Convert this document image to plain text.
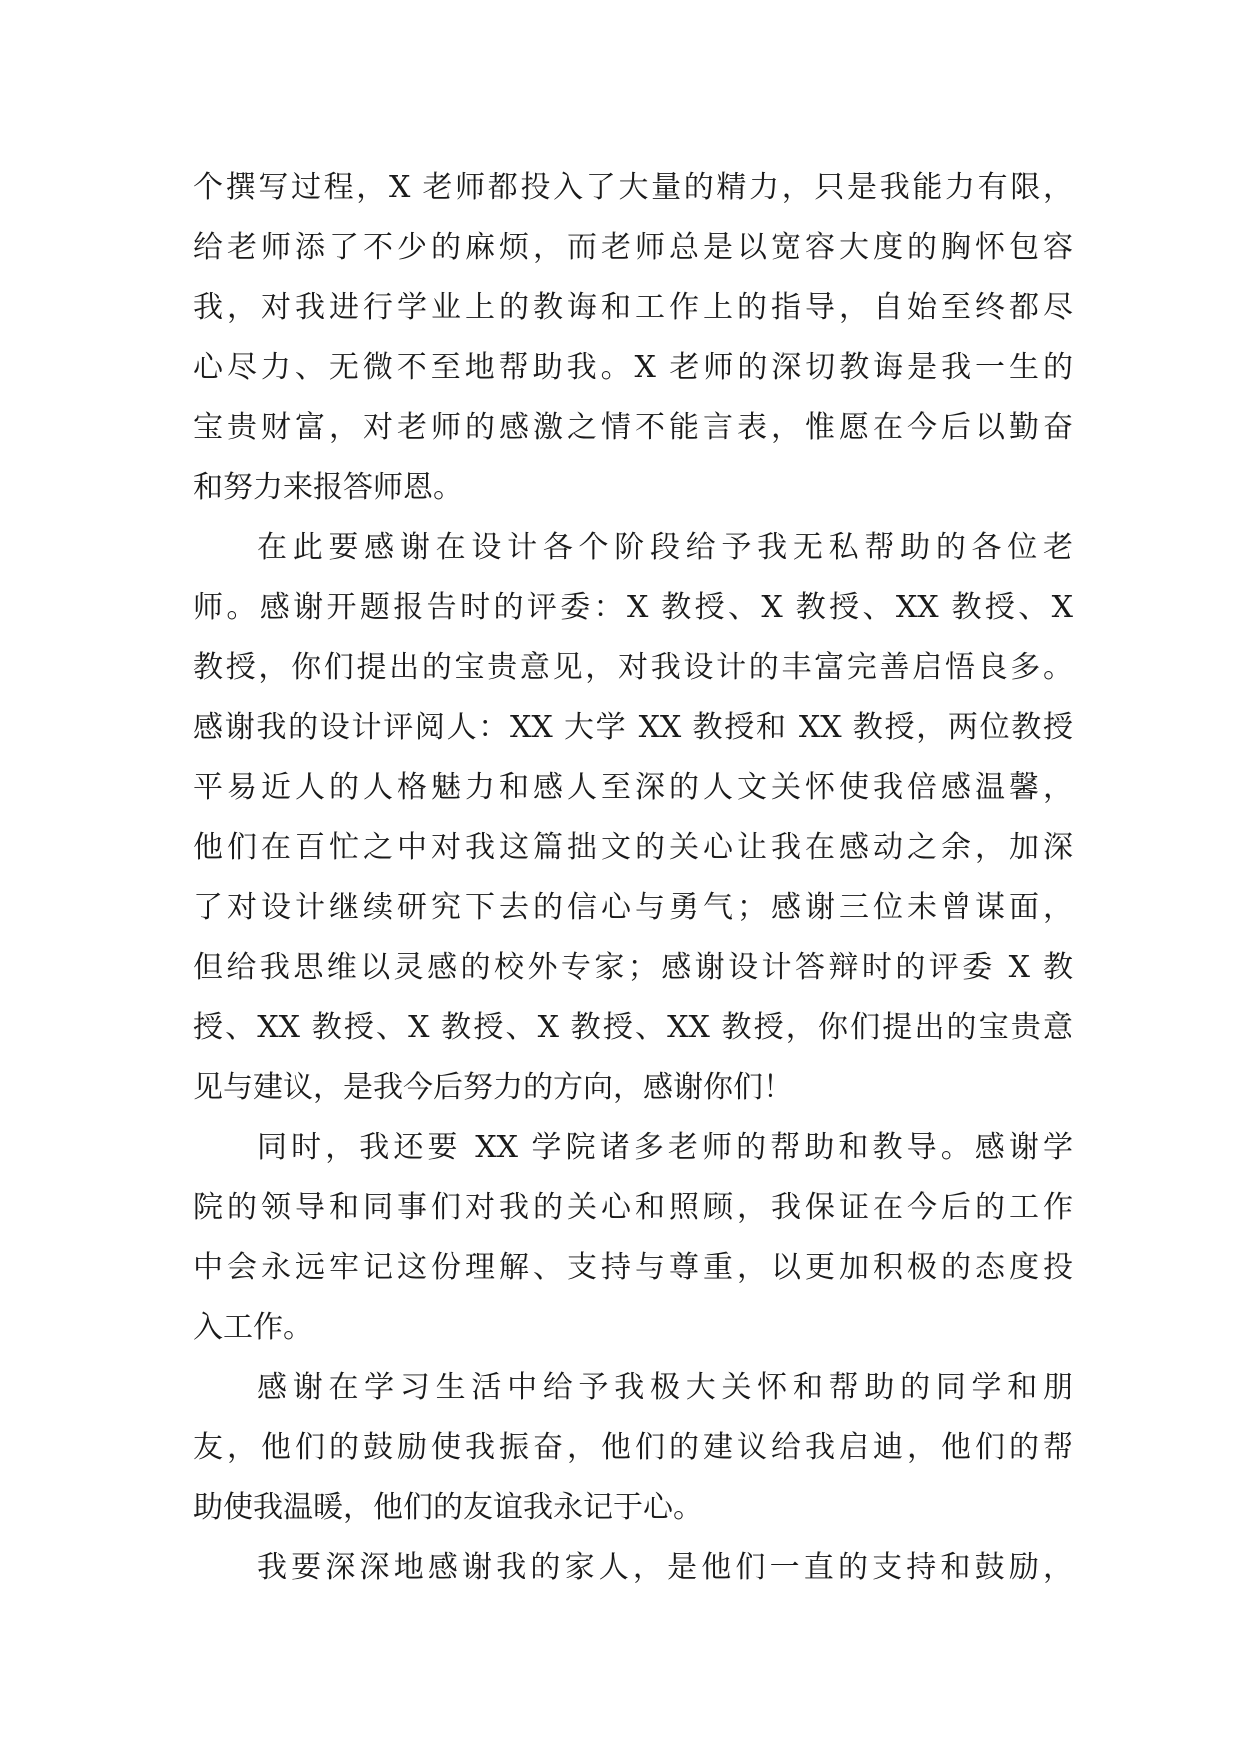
个撰写过程，X 老师都投入了大量的精力，只是我能力有限，
给老师添了不少的麻烦，而老师总是以宽容大度的胸怀包容
我，对我进行学业上的教诲和工作上的指导，自始至终都尽
心尽力、无微不至地帮助我。X 老师的深切教诲是我一生的
宝贵财富，对老师的感激之情不能言表，惟愿在今后以勤奋
和努力来报答师恩。
在此要感谢在设计各个阶段给予我无私帮助的各位老
师。感谢开题报告时的评委：X 教授、X 教授、XX 教授、X
教授，你们提出的宝贵意见，对我设计的丰富完善启悟良多。
感谢我的设计评阅人：XX 大学 XX 教授和 XX 教授，两位教授
平易近人的人格魅力和感人至深的人文关怀使我倍感温馨，
他们在百忙之中对我这篇拙文的关心让我在感动之余，加深
了对设计继续研究下去的信心与勇气；感谢三位未曾谋面，
但给我思维以灵感的校外专家；感谢设计答辩时的评委 X 教
授、XX 教授、X 教授、X 教授、XX 教授，你们提出的宝贵意
见与建议，是我今后努力的方向，感谢你们！
同时，我还要 XX 学院诸多老师的帮助和教导。感谢学
院的领导和同事们对我的关心和照顾，我保证在今后的工作
中会永远牢记这份理解、支持与尊重，以更加积极的态度投
入工作。
感谢在学习生活中给予我极大关怀和帮助的同学和朋
友，他们的鼓励使我振奋，他们的建议给我启迪，他们的帮
助使我温暖，他们的友谊我永记于心。
我要深深地感谢我的家人，是他们一直的支持和鼓励，
